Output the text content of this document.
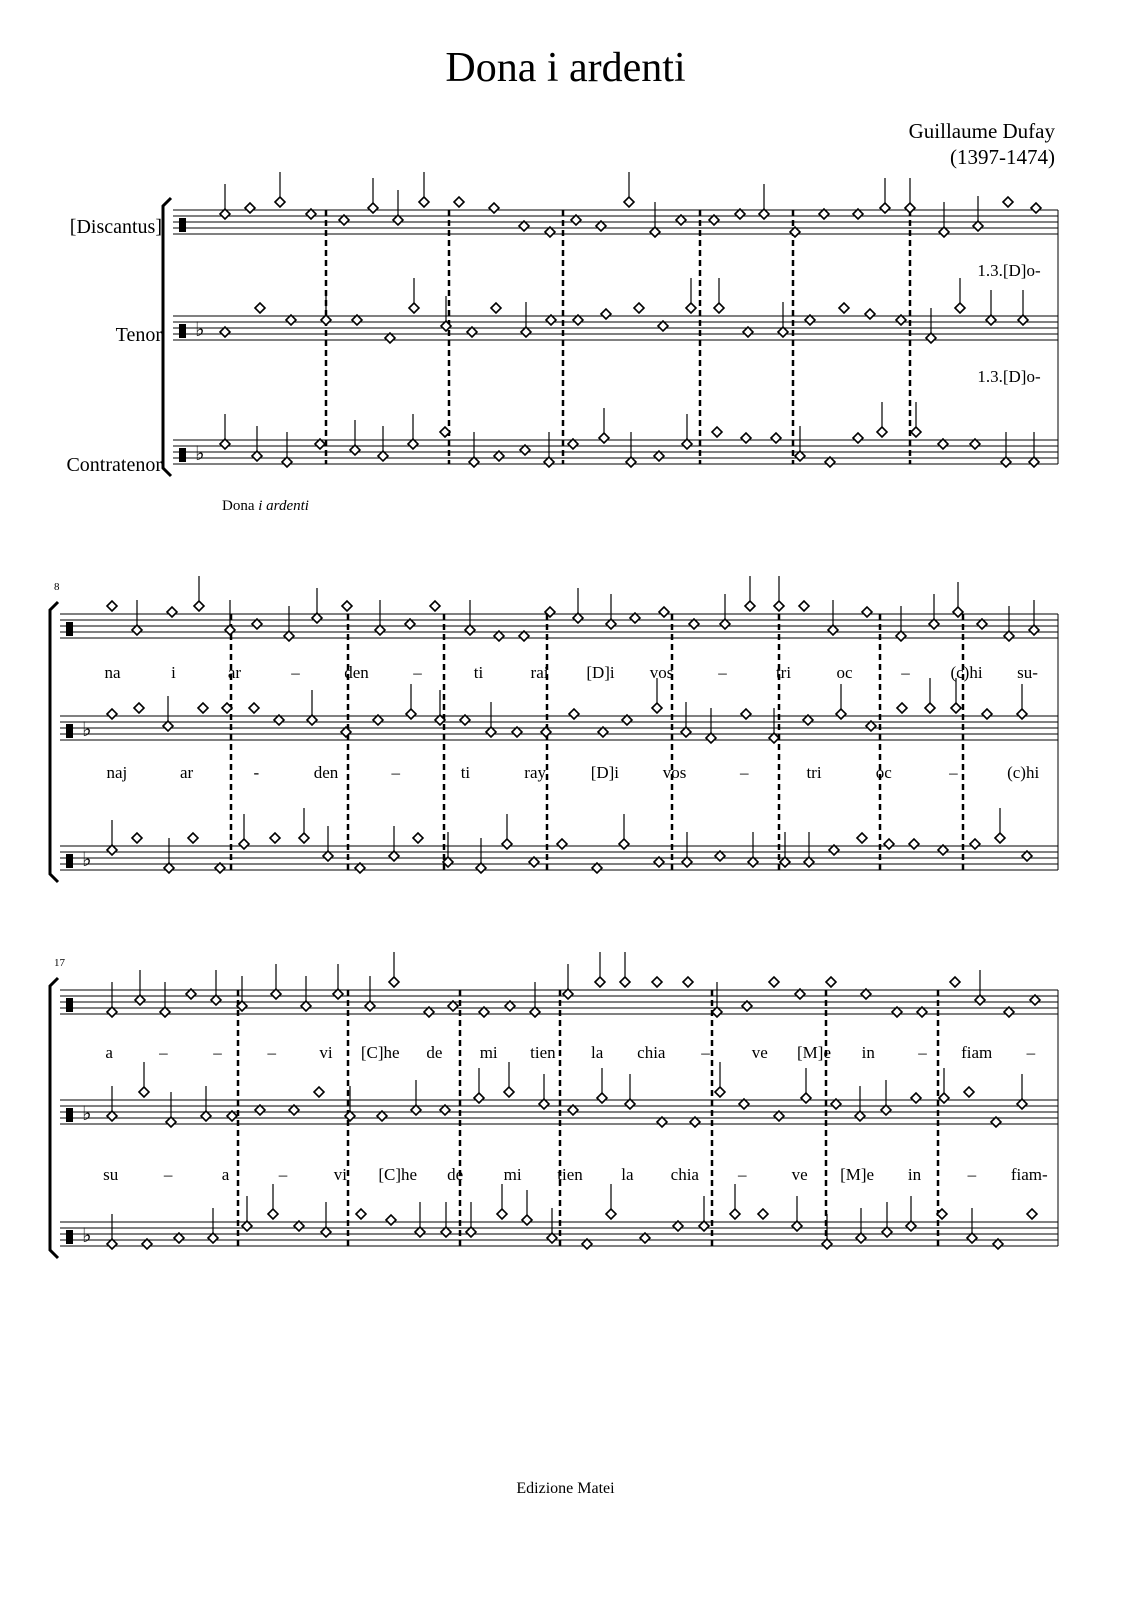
Dona i ardenti
Guillaume Dufay
(1397-1474)
[Discantus]
Tenor
Contratenor
♭
♭
1.3.[D]o-
1.3.[D]o-
♭
♭
8
na	i	ar	–	den	–	ti	rai [D]i vos	–	tri	oc	– (c)hi su-
naj	ar	-	den	–	ti	ray	[D]i	vos	–	tri	oc	–	(c)hi
♭
♭
17
a	–	–	–	vi [C]he de mi tien la chia – ve [M]e in	– fiam –
su	–	a	–	vi [C]he de mi tien la chia –	ve [M]e in	– fiam-
Dona i ardenti
Edizione Matei
